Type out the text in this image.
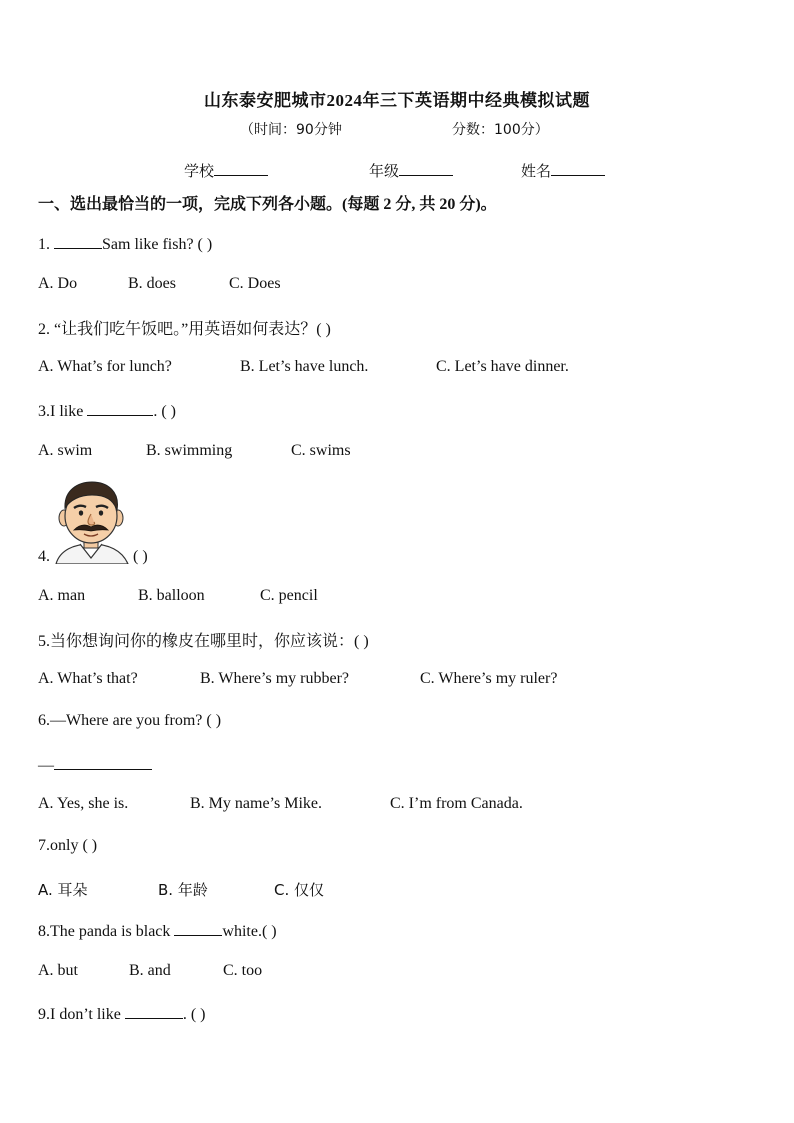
山东泰安肥城市2024年三下英语期中经典模拟试题
（时间：90分钟	分数：100分）
学校	年级	姓名
一、选出最恰当的一项，完成下列各小题。(每题 2 分, 共 20 分)。
1.	Sam like fish? ( )
A. Do	B. does	C. Does
2. “让我们吃午饭吧。”用英语如何表达？( )
A. What’s for lunch?	B. Let’s have lunch.	C. Let’s have dinner.
3.I like	. ( )
A. swim	B. swimming	C. swims
4.	( )
A. man	B. balloon	C. pencil
5.当你想询问你的橡皮在哪里时，你应该说：( )
A. What’s that?	B. Where’s my rubber?	C. Where’s my ruler?
6.—Where are you from? ( )
—
A. Yes, she is.	B. My name’s Mike.	C. I’m from Canada.
7.only ( )
A. 耳朵	B. 年龄	C. 仅仅
8.The panda is black	white.( )
A. but	B. and	C. too
9.I don’t like	. ( )
